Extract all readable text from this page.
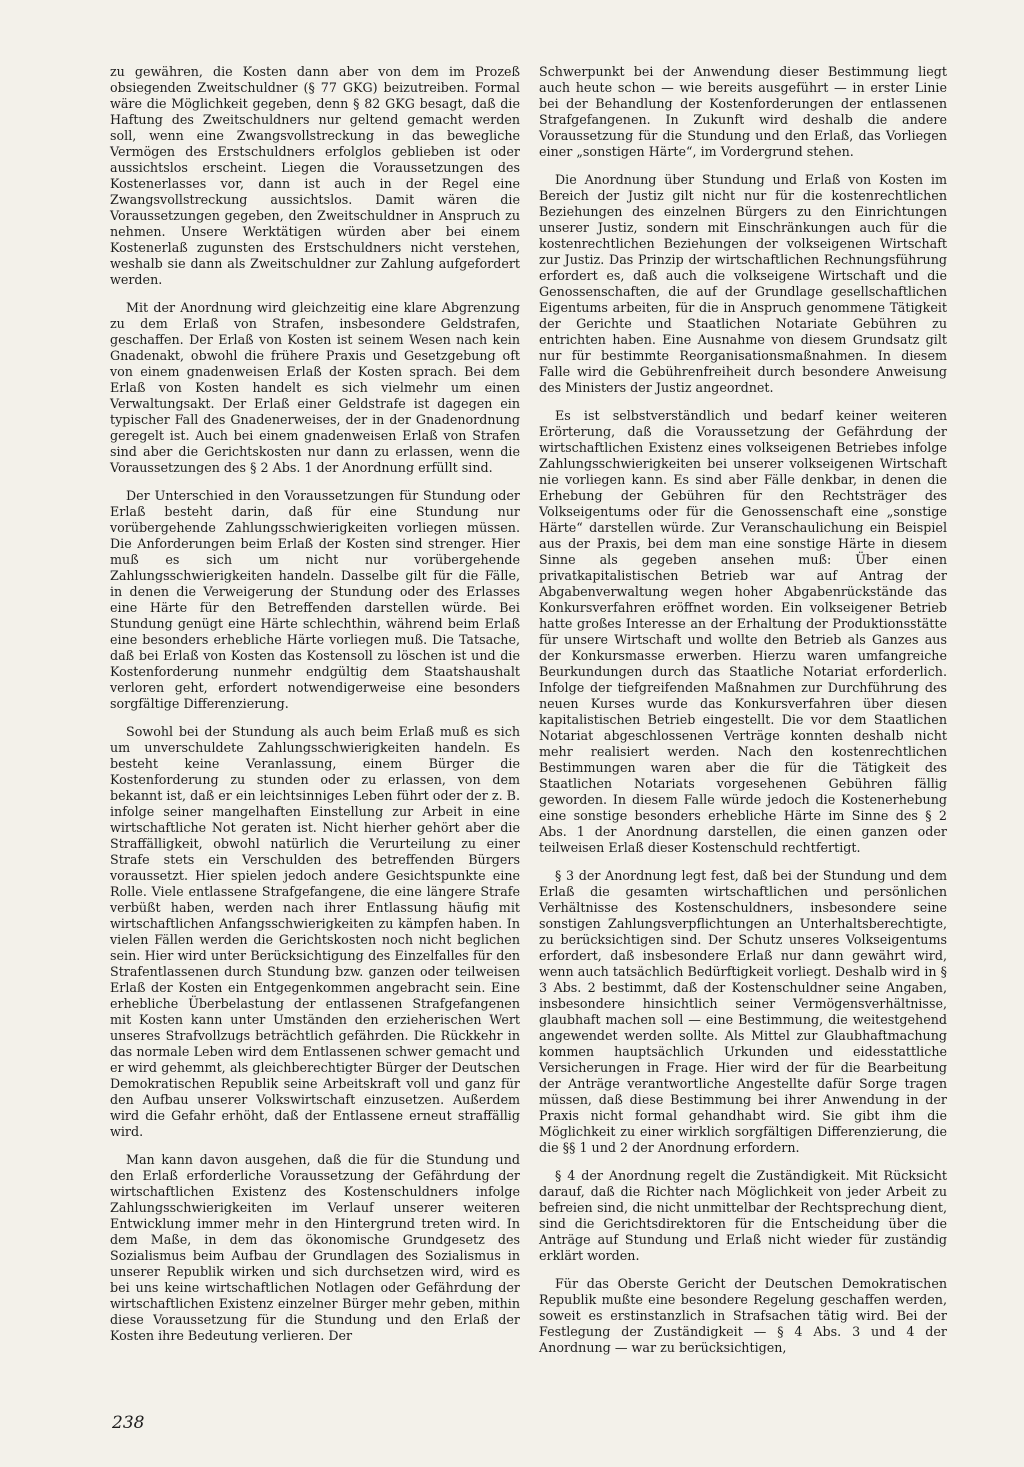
zu gewähren, die Kosten dann aber von dem im Prozeß obsiegenden Zweitschuldner (§ 77 GKG) beizutreiben. Formal wäre die Möglichkeit gegeben, denn § 82 GKG besagt, daß die Haftung des Zweitschuldners nur geltend gemacht werden soll, wenn eine Zwangsvollstreckung in das bewegliche Vermögen des Erstschuldners erfolglos geblieben ist oder aussichtslos erscheint. Liegen die Voraussetzungen des Kostenerlasses vor, dann ist auch in der Regel eine Zwangsvollstreckung aussichtslos. Damit wären die Voraussetzungen gegeben, den Zweitschuldner in Anspruch zu nehmen. Unsere Werktätigen würden aber bei einem Kostenerlaß zugunsten des Erstschuldners nicht verstehen, weshalb sie dann als Zweitschuldner zur Zahlung aufgefordert werden.

Mit der Anordnung wird gleichzeitig eine klare Abgrenzung zu dem Erlaß von Strafen, insbesondere Geldstrafen, geschaffen. Der Erlaß von Kosten ist seinem Wesen nach kein Gnadenakt, obwohl die frühere Praxis und Gesetzgebung oft von einem gnadenweisen Erlaß der Kosten sprach. Bei dem Erlaß von Kosten handelt es sich vielmehr um einen Verwaltungsakt. Der Erlaß einer Geldstrafe ist dagegen ein typischer Fall des Gnadenerweises, der in der Gnadenordnung geregelt ist. Auch bei einem gnadenweisen Erlaß von Strafen sind aber die Gerichtskosten nur dann zu erlassen, wenn die Voraussetzungen des § 2 Abs. 1 der Anordnung erfüllt sind.

Der Unterschied in den Voraussetzungen für Stundung oder Erlaß besteht darin, daß für eine Stundung nur vorübergehende Zahlungsschwierigkeiten vorliegen müssen. Die Anforderungen beim Erlaß der Kosten sind strenger. Hier muß es sich um nicht nur vorübergehende Zahlungsschwierigkeiten handeln. Dasselbe gilt für die Fälle, in denen die Verweigerung der Stundung oder des Erlasses eine Härte für den Betreffenden darstellen würde. Bei Stundung genügt eine Härte schlechthin, während beim Erlaß eine besonders erhebliche Härte vorliegen muß. Die Tatsache, daß bei Erlaß von Kosten das Kostensoll zu löschen ist und die Kostenforderung nunmehr endgültig dem Staatshaushalt verloren geht, erfordert notwendigerweise eine besonders sorgfältige Differenzierung.

Sowohl bei der Stundung als auch beim Erlaß muß es sich um unverschuldete Zahlungsschwierigkeiten handeln. Es besteht keine Veranlassung, einem Bürger die Kostenforderung zu stunden oder zu erlassen, von dem bekannt ist, daß er ein leichtsinniges Leben führt oder der z. B. infolge seiner mangelhaften Einstellung zur Arbeit in eine wirtschaftliche Not geraten ist. Nicht hierher gehört aber die Straffälligkeit, obwohl natürlich die Verurteilung zu einer Strafe stets ein Verschulden des betreffenden Bürgers voraussetzt. Hier spielen jedoch andere Gesichtspunkte eine Rolle. Viele entlassene Strafgefangene, die eine längere Strafe verbüßt haben, werden nach ihrer Entlassung häufig mit wirtschaftlichen Anfangsschwierigkeiten zu kämpfen haben. In vielen Fällen werden die Gerichtskosten noch nicht beglichen sein. Hier wird unter Berücksichtigung des Einzelfalles für den Strafentlassenen durch Stundung bzw. ganzen oder teilweisen Erlaß der Kosten ein Entgegenkommen angebracht sein. Eine erhebliche Überbelastung der entlassenen Strafgefangenen mit Kosten kann unter Umständen den erzieherischen Wert unseres Strafvollzugs beträchtlich gefährden. Die Rückkehr in das normale Leben wird dem Entlassenen schwer gemacht und er wird gehemmt, als gleichberechtigter Bürger der Deutschen Demokratischen Republik seine Arbeitskraft voll und ganz für den Aufbau unserer Volkswirtschaft einzusetzen. Außerdem wird die Gefahr erhöht, daß der Entlassene erneut straffällig wird.

Man kann davon ausgehen, daß die für die Stundung und den Erlaß erforderliche Voraussetzung der Gefährdung der wirtschaftlichen Existenz des Kostenschuldners infolge Zahlungsschwierigkeiten im Verlauf unserer weiteren Entwicklung immer mehr in den Hintergrund treten wird. In dem Maße, in dem das ökonomische Grundgesetz des Sozialismus beim Aufbau der Grundlagen des Sozialismus in unserer Republik wirken und sich durchsetzen wird, wird es bei uns keine wirtschaftlichen Notlagen oder Gefährdung der wirtschaftlichen Existenz einzelner Bürger mehr geben, mithin diese Voraussetzung für die Stundung und den Erlaß der Kosten ihre Bedeutung verlieren. Der

Schwerpunkt bei der Anwendung dieser Bestimmung liegt auch heute schon — wie bereits ausgeführt — in erster Linie bei der Behandlung der Kostenforderungen der entlassenen Strafgefangenen. In Zukunft wird deshalb die andere Voraussetzung für die Stundung und den Erlaß, das Vorliegen einer „sonstigen Härte“, im Vordergrund stehen.

Die Anordnung über Stundung und Erlaß von Kosten im Bereich der Justiz gilt nicht nur für die kostenrechtlichen Beziehungen des einzelnen Bürgers zu den Einrichtungen unserer Justiz, sondern mit Einschränkungen auch für die kostenrechtlichen Beziehungen der volkseigenen Wirtschaft zur Justiz. Das Prinzip der wirtschaftlichen Rechnungsführung erfordert es, daß auch die volkseigene Wirtschaft und die Genossenschaften, die auf der Grundlage gesellschaftlichen Eigentums arbeiten, für die in Anspruch genommene Tätigkeit der Gerichte und Staatlichen Notariate Gebühren zu entrichten haben. Eine Ausnahme von diesem Grundsatz gilt nur für bestimmte Reorganisationsmaßnahmen. In diesem Falle wird die Gebührenfreiheit durch besondere Anweisung des Ministers der Justiz angeordnet.

Es ist selbstverständlich und bedarf keiner weiteren Erörterung, daß die Voraussetzung der Gefährdung der wirtschaftlichen Existenz eines volkseigenen Betriebes infolge Zahlungsschwierigkeiten bei unserer volkseigenen Wirtschaft nie vorliegen kann. Es sind aber Fälle denkbar, in denen die Erhebung der Gebühren für den Rechtsträger des Volkseigentums oder für die Genossenschaft eine „sonstige Härte“ darstellen würde. Zur Veranschaulichung ein Beispiel aus der Praxis, bei dem man eine sonstige Härte in diesem Sinne als gegeben ansehen muß: Über einen privatkapitalistischen Betrieb war auf Antrag der Abgabenverwaltung wegen hoher Abgabenrückstände das Konkursverfahren eröffnet worden. Ein volkseigener Betrieb hatte großes Interesse an der Erhaltung der Produktionsstätte für unsere Wirtschaft und wollte den Betrieb als Ganzes aus der Konkursmasse erwerben. Hierzu waren umfangreiche Beurkundungen durch das Staatliche Notariat erforderlich. Infolge der tiefgreifenden Maßnahmen zur Durchführung des neuen Kurses wurde das Konkursverfahren über diesen kapitalistischen Betrieb eingestellt. Die vor dem Staatlichen Notariat abgeschlossenen Verträge konnten deshalb nicht mehr realisiert werden. Nach den kostenrechtlichen Bestimmungen waren aber die für die Tätigkeit des Staatlichen Notariats vorgesehenen Gebühren fällig geworden. In diesem Falle würde jedoch die Kostenerhebung eine sonstige besonders erhebliche Härte im Sinne des § 2 Abs. 1 der Anordnung darstellen, die einen ganzen oder teilweisen Erlaß dieser Kostenschuld rechtfertigt.

§ 3 der Anordnung legt fest, daß bei der Stundung und dem Erlaß die gesamten wirtschaftlichen und persönlichen Verhältnisse des Kostenschuldners, insbesondere seine sonstigen Zahlungsverpflichtungen an Unterhaltsberechtigte, zu berücksichtigen sind. Der Schutz unseres Volkseigentums erfordert, daß insbesondere Erlaß nur dann gewährt wird, wenn auch tatsächlich Bedürftigkeit vorliegt. Deshalb wird in § 3 Abs. 2 bestimmt, daß der Kostenschuldner seine Angaben, insbesondere hinsichtlich seiner Vermögensverhältnisse, glaubhaft machen soll — eine Bestimmung, die weitestgehend angewendet werden sollte. Als Mittel zur Glaubhaftmachung kommen hauptsächlich Urkunden und eidesstattliche Versicherungen in Frage. Hier wird der für die Bearbeitung der Anträge verantwortliche Angestellte dafür Sorge tragen müssen, daß diese Bestimmung bei ihrer Anwendung in der Praxis nicht formal gehandhabt wird. Sie gibt ihm die Möglichkeit zu einer wirklich sorgfältigen Differenzierung, die die §§ 1 und 2 der Anordnung erfordern.

§ 4 der Anordnung regelt die Zuständigkeit. Mit Rücksicht darauf, daß die Richter nach Möglichkeit von jeder Arbeit zu befreien sind, die nicht unmittelbar der Rechtsprechung dient, sind die Gerichtsdirektoren für die Entscheidung über die Anträge auf Stundung und Erlaß nicht wieder für zuständig erklärt worden.

Für das Oberste Gericht der Deutschen Demokratischen Republik mußte eine besondere Regelung geschaffen werden, soweit es erstinstanzlich in Strafsachen tätig wird. Bei der Festlegung der Zuständigkeit — § 4 Abs. 3 und 4 der Anordnung — war zu berücksichtigen,

238
